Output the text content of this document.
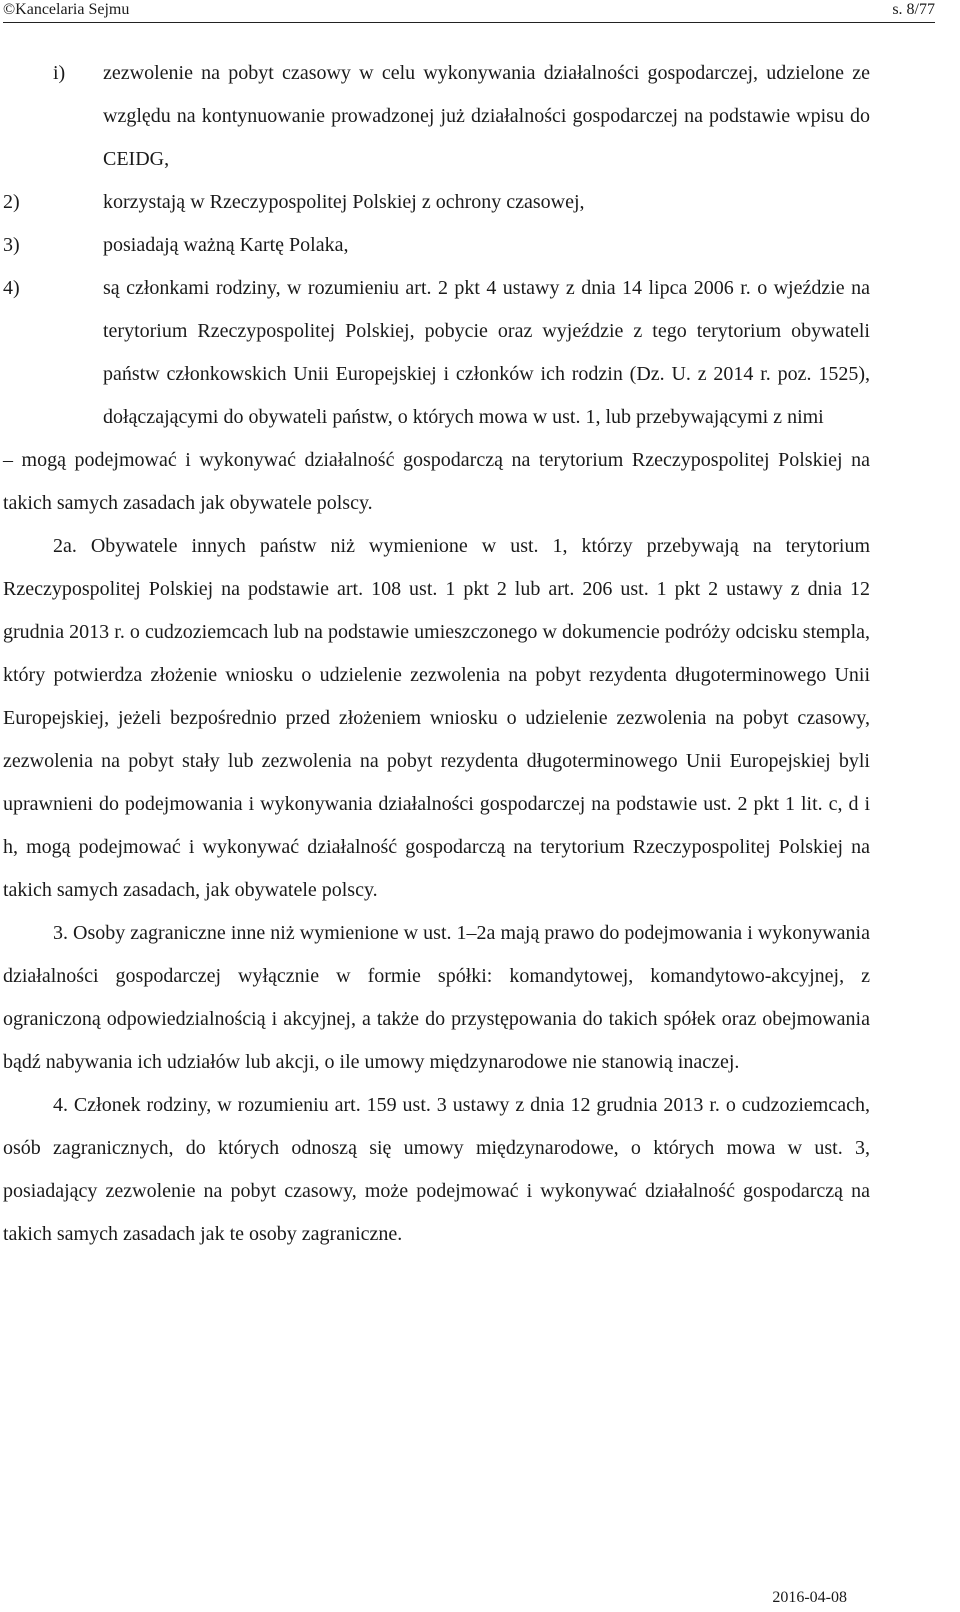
©Kancelaria Sejmu	s. 8/77
i) zezwolenie na pobyt czasowy w celu wykonywania działalności gospodarczej, udzielone ze względu na kontynuowanie prowadzonej już działalności gospodarczej na podstawie wpisu do CEIDG,

2)	korzystają w Rzeczypospolitej Polskiej z ochrony czasowej,

3)	posiadają ważną Kartę Polaka,

4)	są członkami rodziny, w rozumieniu art. 2 pkt 4 ustawy z dnia 14 lipca 2006 r. o wjeździe na terytorium Rzeczypospolitej Polskiej, pobycie oraz wyjeździe z tego terytorium obywateli państw członkowskich Unii Europejskiej i członków ich rodzin (Dz. U. z 2014 r. poz. 1525), dołączającymi do obywateli państw, o których mowa w ust. 1, lub przebywającymi z nimi

– mogą podejmować i wykonywać działalność gospodarczą na terytorium Rzeczypospolitej Polskiej na takich samych zasadach jak obywatele polscy.

2a. Obywatele innych państw niż wymienione w ust. 1, którzy przebywają na terytorium Rzeczypospolitej Polskiej na podstawie art. 108 ust. 1 pkt 2 lub art. 206 ust. 1 pkt 2 ustawy z dnia 12 grudnia 2013 r. o cudzoziemcach lub na podstawie umieszczonego w dokumencie podróży odcisku stempla, który potwierdza złożenie wniosku o udzielenie zezwolenia na pobyt rezydenta długoterminowego Unii Europejskiej, jeżeli bezpośrednio przed złożeniem wniosku o udzielenie zezwolenia na pobyt czasowy, zezwolenia na pobyt stały lub zezwolenia na pobyt rezydenta długoterminowego Unii Europejskiej byli uprawnieni do podejmowania i wykonywania działalności gospodarczej na podstawie ust. 2 pkt 1 lit. c, d i h, mogą podejmować i wykonywać działalność gospodarczą na terytorium Rzeczypospolitej Polskiej na takich samych zasadach, jak obywatele polscy.

3. Osoby zagraniczne inne niż wymienione w ust. 1–2a mają prawo do podejmowania i wykonywania działalności gospodarczej wyłącznie w formie spółki: komandytowej, komandytowo-akcyjnej, z ograniczoną odpowiedzialnością i akcyjnej, a także do przystępowania do takich spółek oraz obejmowania bądź nabywania ich udziałów lub akcji, o ile umowy międzynarodowe nie stanowią inaczej.

4. Członek rodziny, w rozumieniu art. 159 ust. 3 ustawy z dnia 12 grudnia 2013 r. o cudzoziemcach, osób zagranicznych, do których odnoszą się umowy międzynarodowe, o których mowa w ust. 3, posiadający zezwolenie na pobyt czasowy, może podejmować i wykonywać działalność gospodarczą na takich samych zasadach jak te osoby zagraniczne.

2016-04-08
